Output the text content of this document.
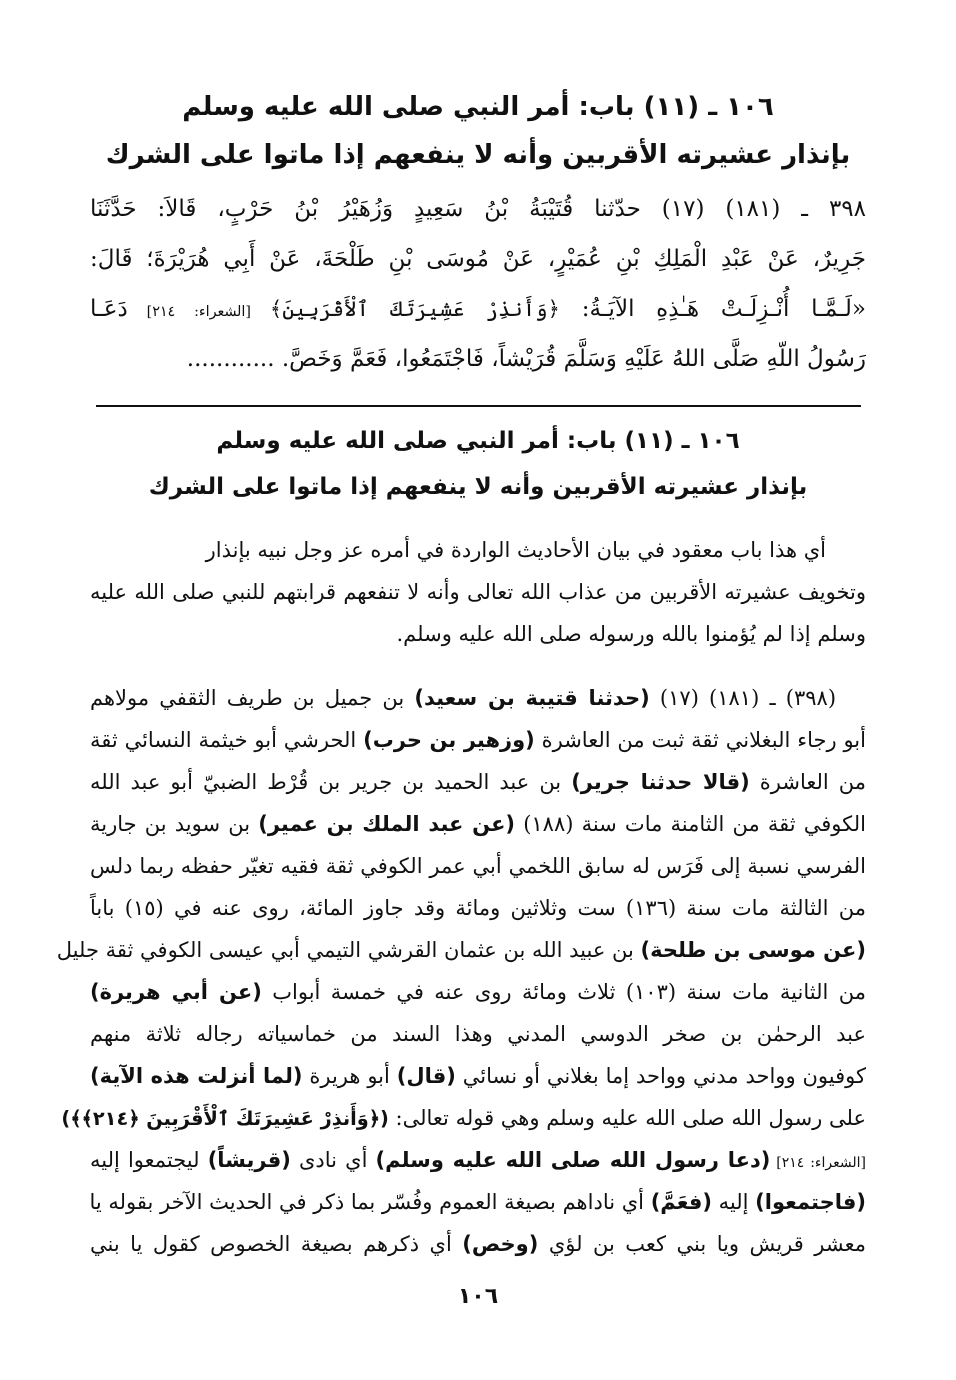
١٠٦ ـ (١١) باب: أمر النبي صلى الله عليه وسلم
بإنذار عشيرته الأقربين وأنه لا ينفعهم إذا ماتوا على الشرك
٣٩٨ ـ (١٨١) (١٧) حدّثنا قُتَيْبَةُ بْنُ سَعِيدٍ وَزُهَيْرُ بْنُ حَرْبٍ، قَالاَ: حَدَّثَنَا
جَرِيرٌ، عَنْ عَبْدِ الْمَلِكِ بْنِ عُمَيْرٍ، عَنْ مُوسَى بْنِ طَلْحَةَ، عَنْ أَبِي هُرَيْرَةَ؛ قَالَ:
«لَـمَّـا أُنْـزِلَـتْ هَـٰذِهِ الآيَـةُ: ﴿وَأَنذِرْ عَشِيرَتَكَ ٱلْأَقْرَبِينَ﴾ [الشعراء: ٢١٤] دَعَـا
رَسُولُ اللّهِ صَلَّى اللهُ عَلَيْهِ وَسَلَّمَ قُرَيْشاً، فَاجْتَمَعُوا، فَعَمَّ وَخَصَّ. ............
١٠٦ ـ (١١) باب: أمر النبي صلى الله عليه وسلم
بإنذار عشيرته الأقربين وأنه لا ينفعهم إذا ماتوا على الشرك
أي هذا باب معقود في بيان الأحاديث الواردة في أمره عز وجل نبيه بإنذار
وتخويف عشيرته الأقربين من عذاب الله تعالى وأنه لا تنفعهم قرابتهم للنبي صلى الله عليه
وسلم إذا لم يُؤمنوا بالله ورسوله صلى الله عليه وسلم.
(٣٩٨) ـ (١٨١) (١٧) (حدثنا قتيبة بن سعيد) بن جميل بن طريف الثقفي مولاهم
أبو رجاء البغلاني ثقة ثبت من العاشرة (وزهير بن حرب) الحرشي أبو خيثمة النسائي ثقة
من العاشرة (قالا حدثنا جرير) بن عبد الحميد بن جرير بن قُرْط الضبيّ أبو عبد الله
الكوفي ثقة من الثامنة مات سنة (١٨٨) (عن عبد الملك بن عمير) بن سويد بن جارية
الفرسي نسبة إلى فَرَس له سابق اللخمي أبي عمر الكوفي ثقة فقيه تغيّر حفظه ربما دلس
من الثالثة مات سنة (١٣٦) ست وثلاثين ومائة وقد جاوز المائة، روى عنه في (١٥) باباً
(عن موسى بن طلحة) بن عبيد الله بن عثمان القرشي التيمي أبي عيسى الكوفي ثقة جليل
من الثانية مات سنة (١٠٣) ثلاث ومائة روى عنه في خمسة أبواب (عن أبي هريرة)
عبد الرحمٰن بن صخر الدوسي المدني وهذا السند من خماسياته رجاله ثلاثة منهم
كوفيون وواحد مدني وواحد إما بغلاني أو نسائي (قال) أبو هريرة (لما أنزلت هذه الآية)
على رسول الله صلى الله عليه وسلم وهي قوله تعالى: (﴿وَأَنذِرْ عَشِيرَتَكَ ٱلْأَقْرَبِينَ ﴿٢١٤﴾﴾)
[الشعراء: ٢١٤] (دعا رسول الله صلى الله عليه وسلم) أي نادى (قريشاً) ليجتمعوا إليه
(فاجتمعوا) إليه (فعَمَّ) أي ناداهم بصيغة العموم وفُسّر بما ذكر في الحديث الآخر بقوله يا
معشر قريش ويا بني كعب بن لؤي (وخص) أي ذكرهم بصيغة الخصوص كقول يا بني
١٠٦
